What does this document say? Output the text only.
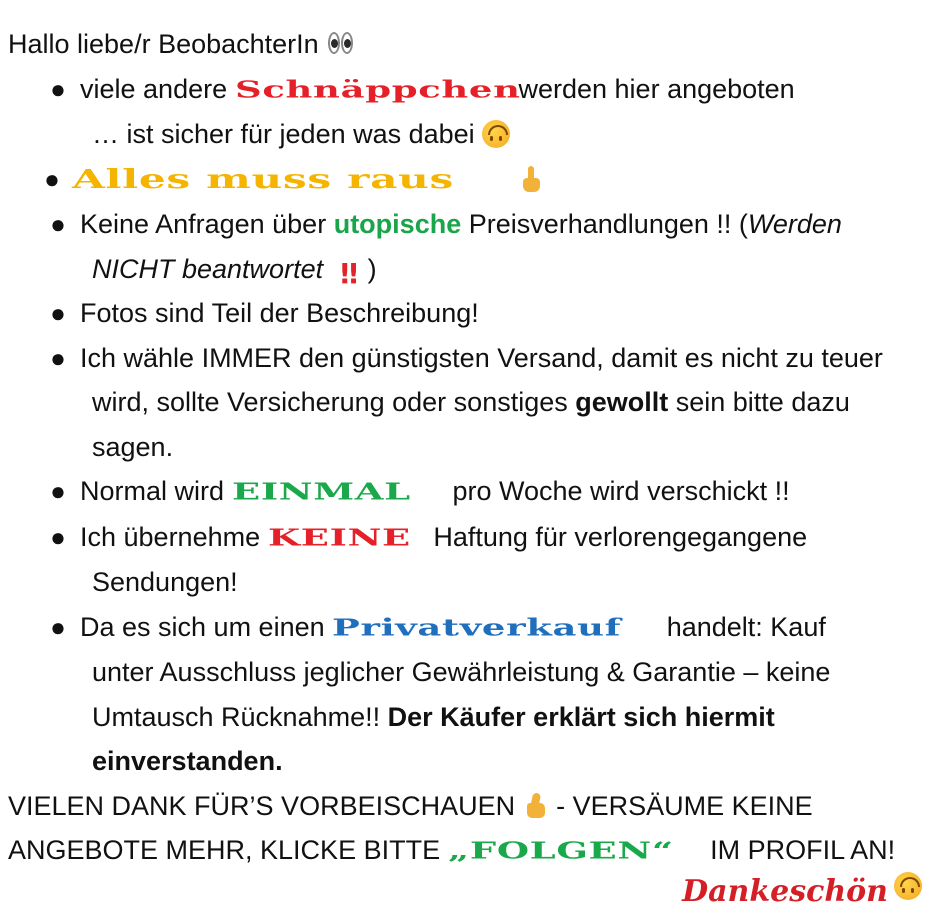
Hallo liebe/r BeobachterIn
● viele andere Schnäppchen werden hier angeboten
… ist sicher für jeden was dabei
● Alles muss raus
● Keine Anfragen über utopische Preisverhandlungen !! (Werden
NICHT beantwortet ‼ )
● Fotos sind Teil der Beschreibung!
● Ich wähle IMMER den günstigsten Versand, damit es nicht zu teuer
wird, sollte Versicherung oder sonstiges gewollt sein bitte dazu
sagen.
● Normal wird EINMAL pro Woche wird verschickt !!
● Ich übernehme KEINE Haftung für verlorengegangene
Sendungen!
● Da es sich um einen Privatverkauf handelt: Kauf
unter Ausschluss jeglicher Gewährleistung & Garantie – keine
Umtausch Rücknahme!! Der Käufer erklärt sich hiermit
einverstanden.
VIELEN DANK FÜR’S VORBEISCHAUEN  - VERSÄUME KEINE
ANGEBOTE MEHR, KLICKE BITTE „FOLGEN“ IM PROFIL AN!
Dankeschön
